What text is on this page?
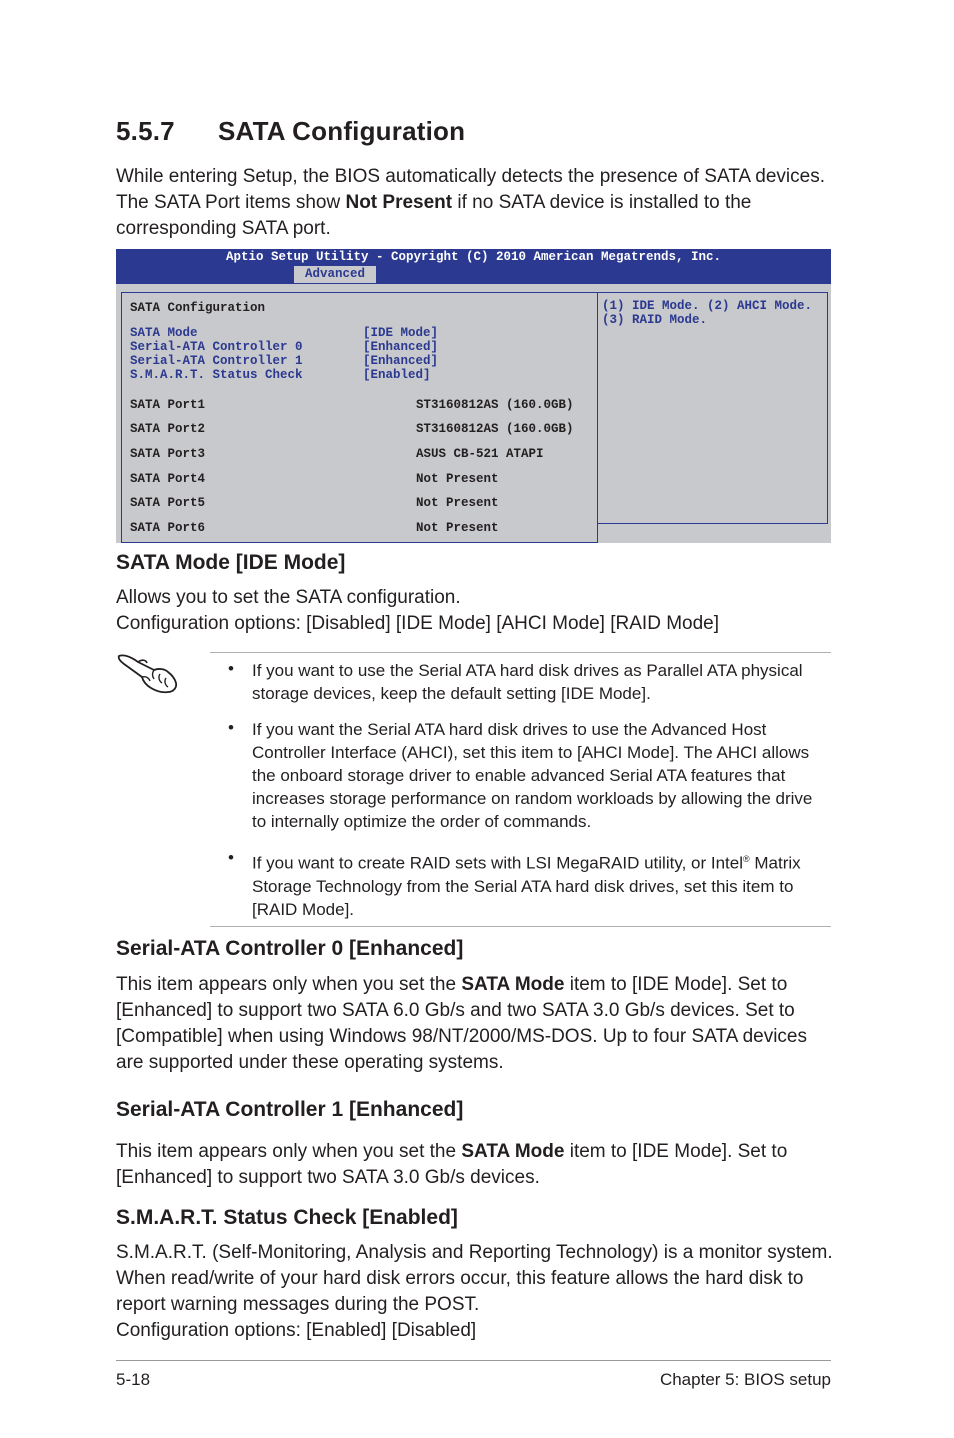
5.5.7 SATA Configuration
While entering Setup, the BIOS automatically detects the presence of SATA devices. The SATA Port items show Not Present if no SATA device is installed to the corresponding SATA port.
Aptio Setup Utility - Copyright (C) 2010 American Megatrends, Inc.
Advanced
SATA Configuration
SATA Mode	[IDE Mode]
Serial-ATA Controller 0	[Enhanced]
Serial-ATA Controller 1	[Enhanced]
S.M.A.R.T. Status Check	[Enabled]
SATA Port1	ST3160812AS (160.0GB)
SATA Port2	ST3160812AS (160.0GB)
SATA Port3	ASUS CB-521 ATAPI
SATA Port4	Not Present
SATA Port5	Not Present
SATA Port6	Not Present
(1) IDE Mode. (2) AHCI Mode.
(3) RAID Mode.
SATA Mode [IDE Mode]
Allows you to set the SATA configuration.
Configuration options: [Disabled] [IDE Mode] [AHCI Mode] [RAID Mode]
• If you want to use the Serial ATA hard disk drives as Parallel ATA physical storage devices, keep the default setting [IDE Mode].
• If you want the Serial ATA hard disk drives to use the Advanced Host Controller Interface (AHCI), set this item to [AHCI Mode]. The AHCI allows the onboard storage driver to enable advanced Serial ATA features that increases storage performance on random workloads by allowing the drive to internally optimize the order of commands.
• If you want to create RAID sets with LSI MegaRAID utility, or Intel® Matrix Storage Technology from the Serial ATA hard disk drives, set this item to [RAID Mode].
Serial-ATA Controller 0 [Enhanced]
This item appears only when you set the SATA Mode item to [IDE Mode]. Set to [Enhanced] to support two SATA 6.0 Gb/s and two SATA 3.0 Gb/s devices. Set to [Compatible] when using Windows 98/NT/2000/MS-DOS. Up to four SATA devices are supported under these operating systems.
Serial-ATA Controller 1 [Enhanced]
This item appears only when you set the SATA Mode item to [IDE Mode]. Set to [Enhanced] to support two SATA 3.0 Gb/s devices.
S.M.A.R.T. Status Check [Enabled]
S.M.A.R.T. (Self-Monitoring, Analysis and Reporting Technology) is a monitor system. When read/write of your hard disk errors occur, this feature allows the hard disk to report warning messages during the POST.
Configuration options: [Enabled] [Disabled]
5-18	Chapter 5: BIOS setup
